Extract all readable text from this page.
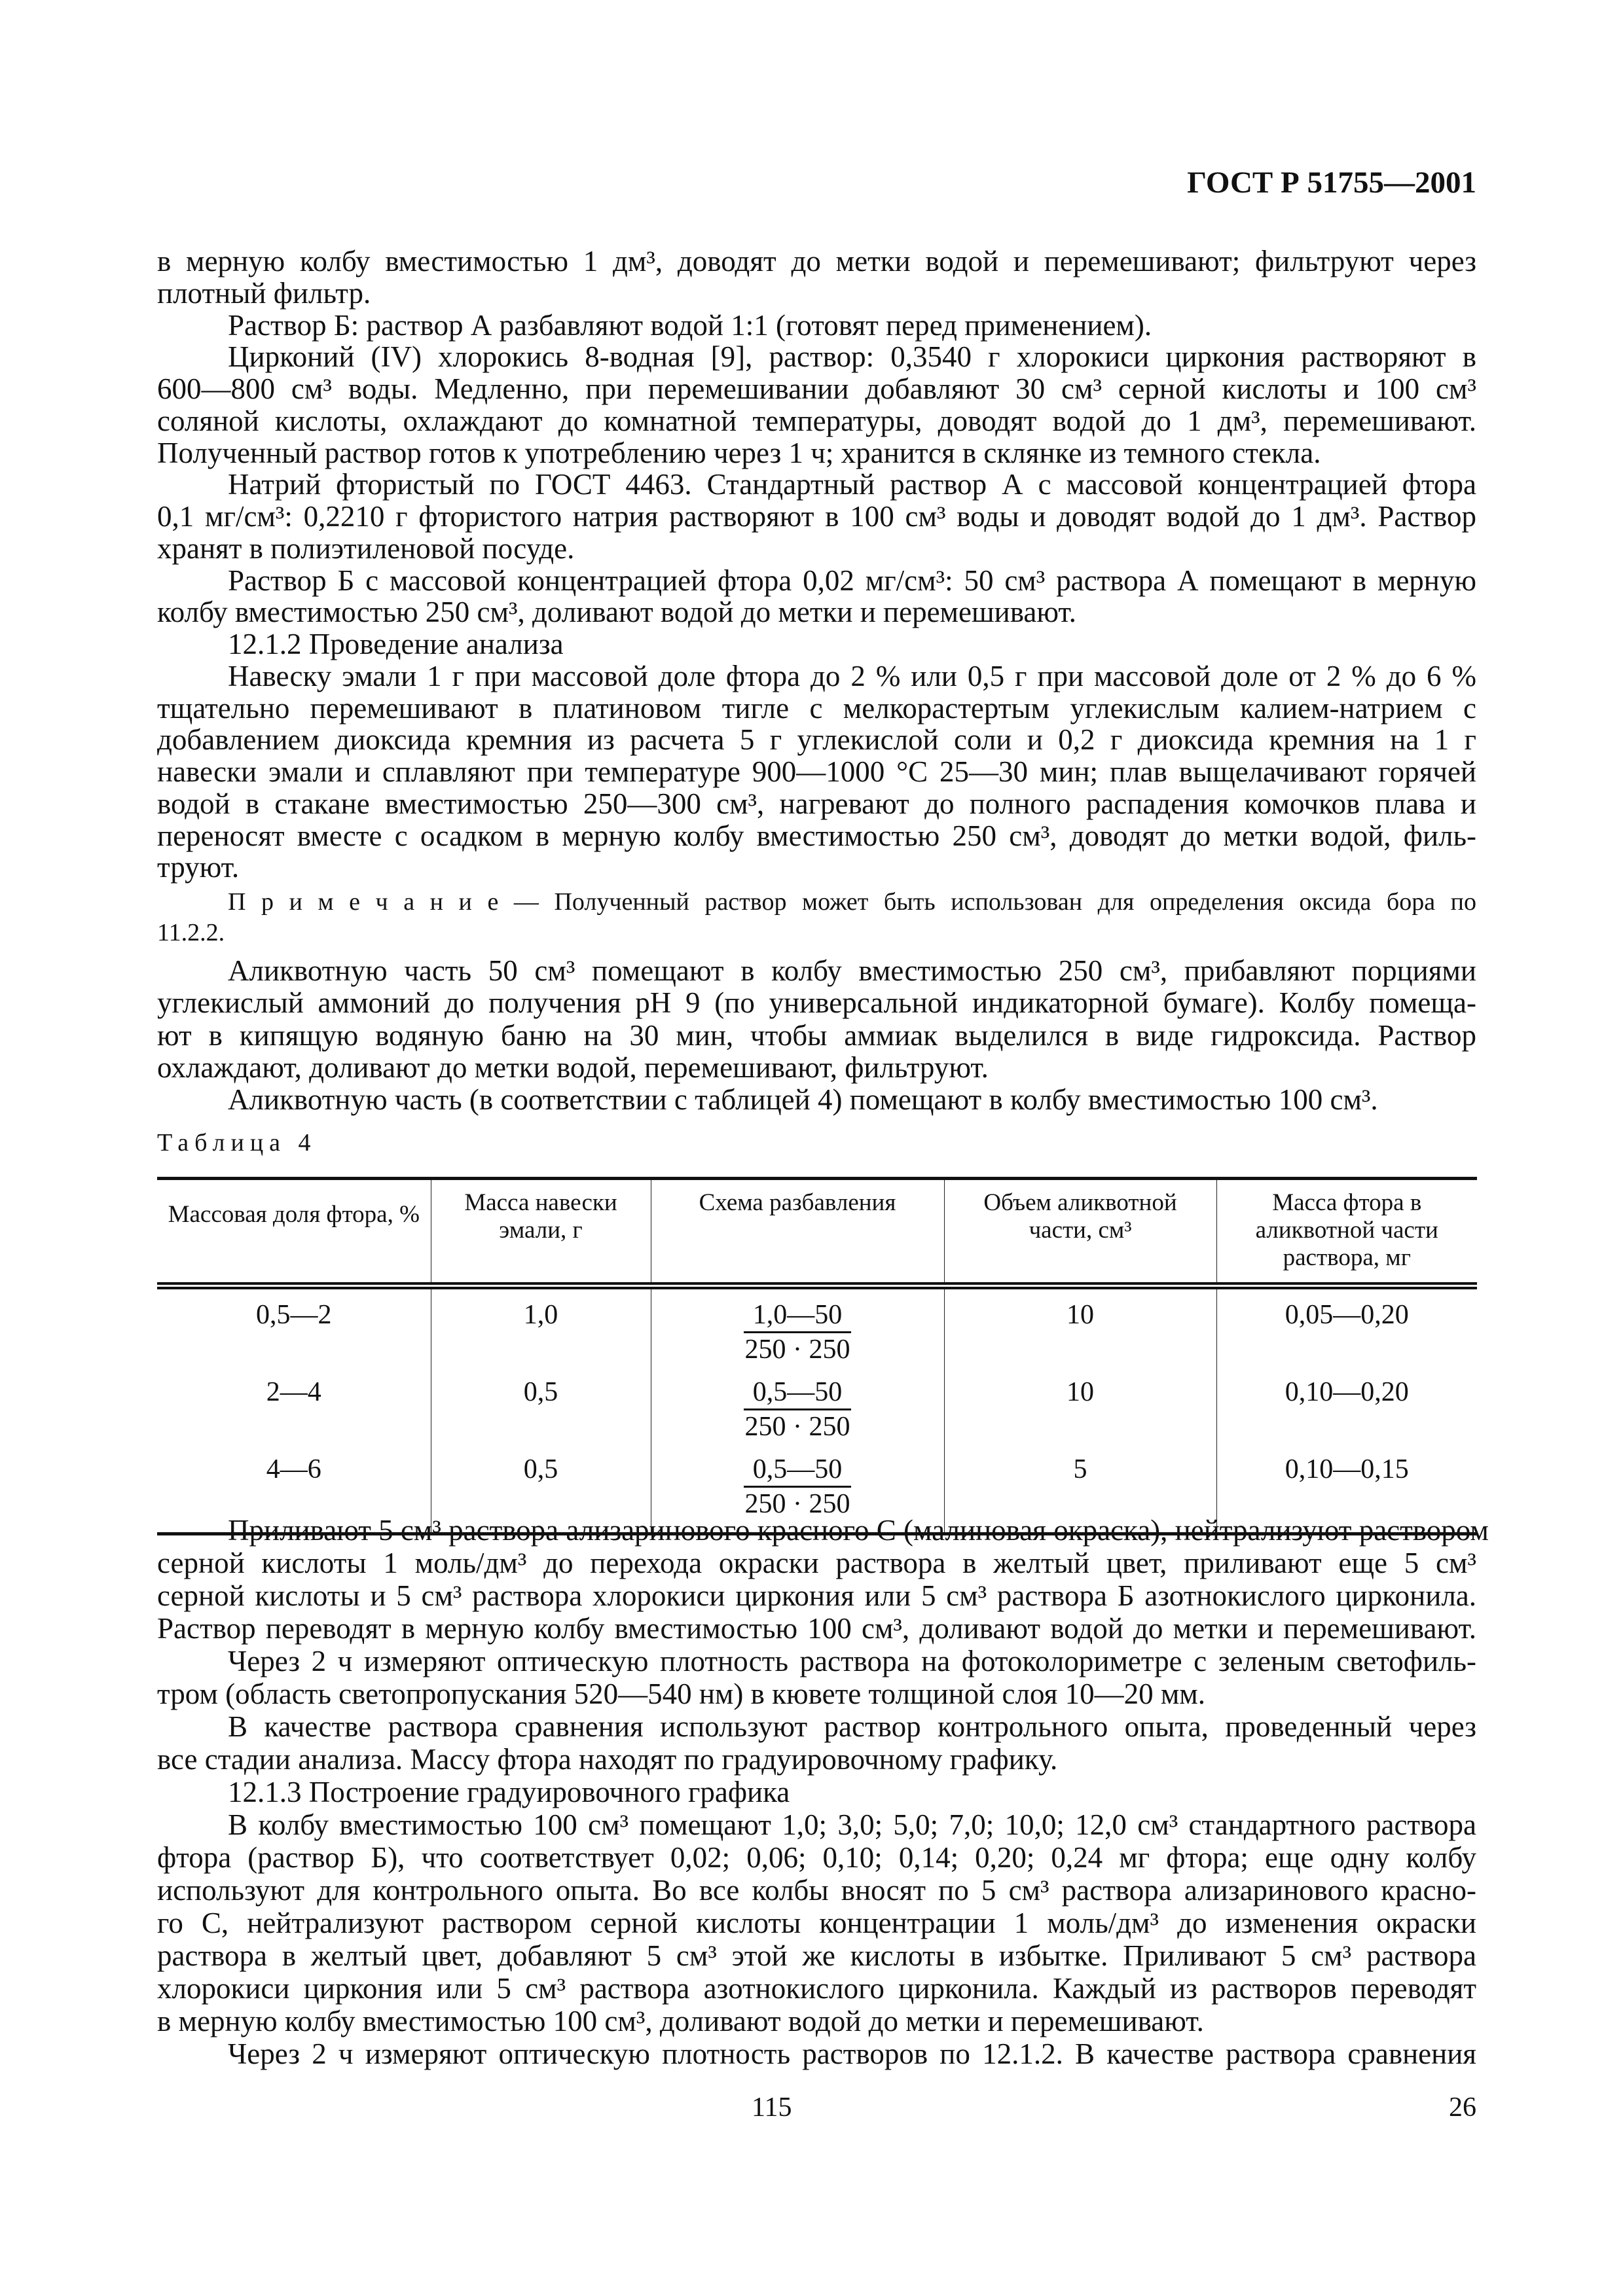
ГОСТ Р 51755—2001
в мерную колбу вместимостью 1 дм³, доводят до метки водой и перемешивают; фильтруют через
плотный фильтр.
Раствор Б: раствор А разбавляют водой 1:1 (готовят перед применением).
Цирконий (IV) хлорокись 8-водная [9], раствор: 0,3540 г хлорокиси циркония растворяют в
600—800 см³ воды. Медленно, при перемешивании добавляют 30 см³ серной кислоты и 100 см³
соляной кислоты, охлаждают до комнатной температуры, доводят водой до 1 дм³, перемешивают.
Полученный раствор готов к употреблению через 1 ч; хранится в склянке из темного стекла.
Натрий фтористый по ГОСТ 4463. Стандартный раствор А с массовой концентрацией фтора
0,1 мг/см³: 0,2210 г фтористого натрия растворяют в 100 см³ воды и доводят водой до 1 дм³. Раствор
хранят в полиэтиленовой посуде.
Раствор Б с массовой концентрацией фтора 0,02 мг/см³: 50 см³ раствора А помещают в мерную
колбу вместимостью 250 см³, доливают водой до метки и перемешивают.
12.1.2 Проведение анализа
Навеску эмали 1 г при массовой доле фтора до 2 % или 0,5 г при массовой доле от 2 % до 6 %
тщательно перемешивают в платиновом тигле с мелкорастертым углекислым калием-натрием с
добавлением диоксида кремния из расчета 5 г углекислой соли и 0,2 г диоксида кремния на 1 г
навески эмали и сплавляют при температуре 900—1000 °С 25—30 мин; плав выщелачивают горячей
водой в стакане вместимостью 250—300 см³, нагревают до полного распадения комочков плава и
переносят вместе с осадком в мерную колбу вместимостью 250 см³, доводят до метки водой, филь-
труют.
П р и м е ч а н и е — Полученный раствор может быть использован для определения оксида бора по
11.2.2.
Аликвотную часть 50 см³ помещают в колбу вместимостью 250 см³, прибавляют порциями
углекислый аммоний до получения рН 9 (по универсальной индикаторной бумаге). Колбу помеща-
ют в кипящую водяную баню на 30 мин, чтобы аммиак выделился в виде гидроксида. Раствор
охлаждают, доливают до метки водой, перемешивают, фильтруют.
Аликвотную часть (в соответствии с таблицей 4) помещают в колбу вместимостью 100 см³.
Таблица 4
Массовая доля фтора, %	Масса навески эмали, г	Схема разбавления	Объем аликвотной части, см³	Масса фтора в аликвотной части раствора, мг
0,5—2	1,0	$\frac{1,0—50}{250 \cdot 250}$	10	0,05—0,20
2—4	0,5	$\frac{0,5—50}{250 \cdot 250}$	10	0,10—0,20
4—6	0,5	$\frac{0,5—50}{250 \cdot 250}$	5	0,10—0,15
Приливают 5 см³ раствора ализаринового красного С (малиновая окраска), нейтрализуют раствором
серной кислоты 1 моль/дм³ до перехода окраски раствора в желтый цвет, приливают еще 5 см³
серной кислоты и 5 см³ раствора хлорокиси циркония или 5 см³ раствора Б азотнокислого цирконила.
Раствор переводят в мерную колбу вместимостью 100 см³, доливают водой до метки и перемешивают.
Через 2 ч измеряют оптическую плотность раствора на фотоколориметре с зеленым светофиль-
тром (область светопропускания 520—540 нм) в кювете толщиной слоя 10—20 мм.
В качестве раствора сравнения используют раствор контрольного опыта, проведенный через
все стадии анализа. Массу фтора находят по градуировочному графику.
12.1.3 Построение градуировочного графика
В колбу вместимостью 100 см³ помещают 1,0; 3,0; 5,0; 7,0; 10,0; 12,0 см³ стандартного раствора
фтора (раствор Б), что соответствует 0,02; 0,06; 0,10; 0,14; 0,20; 0,24 мг фтора; еще одну колбу
используют для контрольного опыта. Во все колбы вносят по 5 см³ раствора ализаринового красно-
го С, нейтрализуют раствором серной кислоты концентрации 1 моль/дм³ до изменения окраски
раствора в желтый цвет, добавляют 5 см³ этой же кислоты в избытке. Приливают 5 см³ раствора
хлорокиси циркония или 5 см³ раствора азотнокислого цирконила. Каждый из растворов переводят
в мерную колбу вместимостью 100 см³, доливают водой до метки и перемешивают.
Через 2 ч измеряют оптическую плотность растворов по 12.1.2. В качестве раствора сравнения
115	26
